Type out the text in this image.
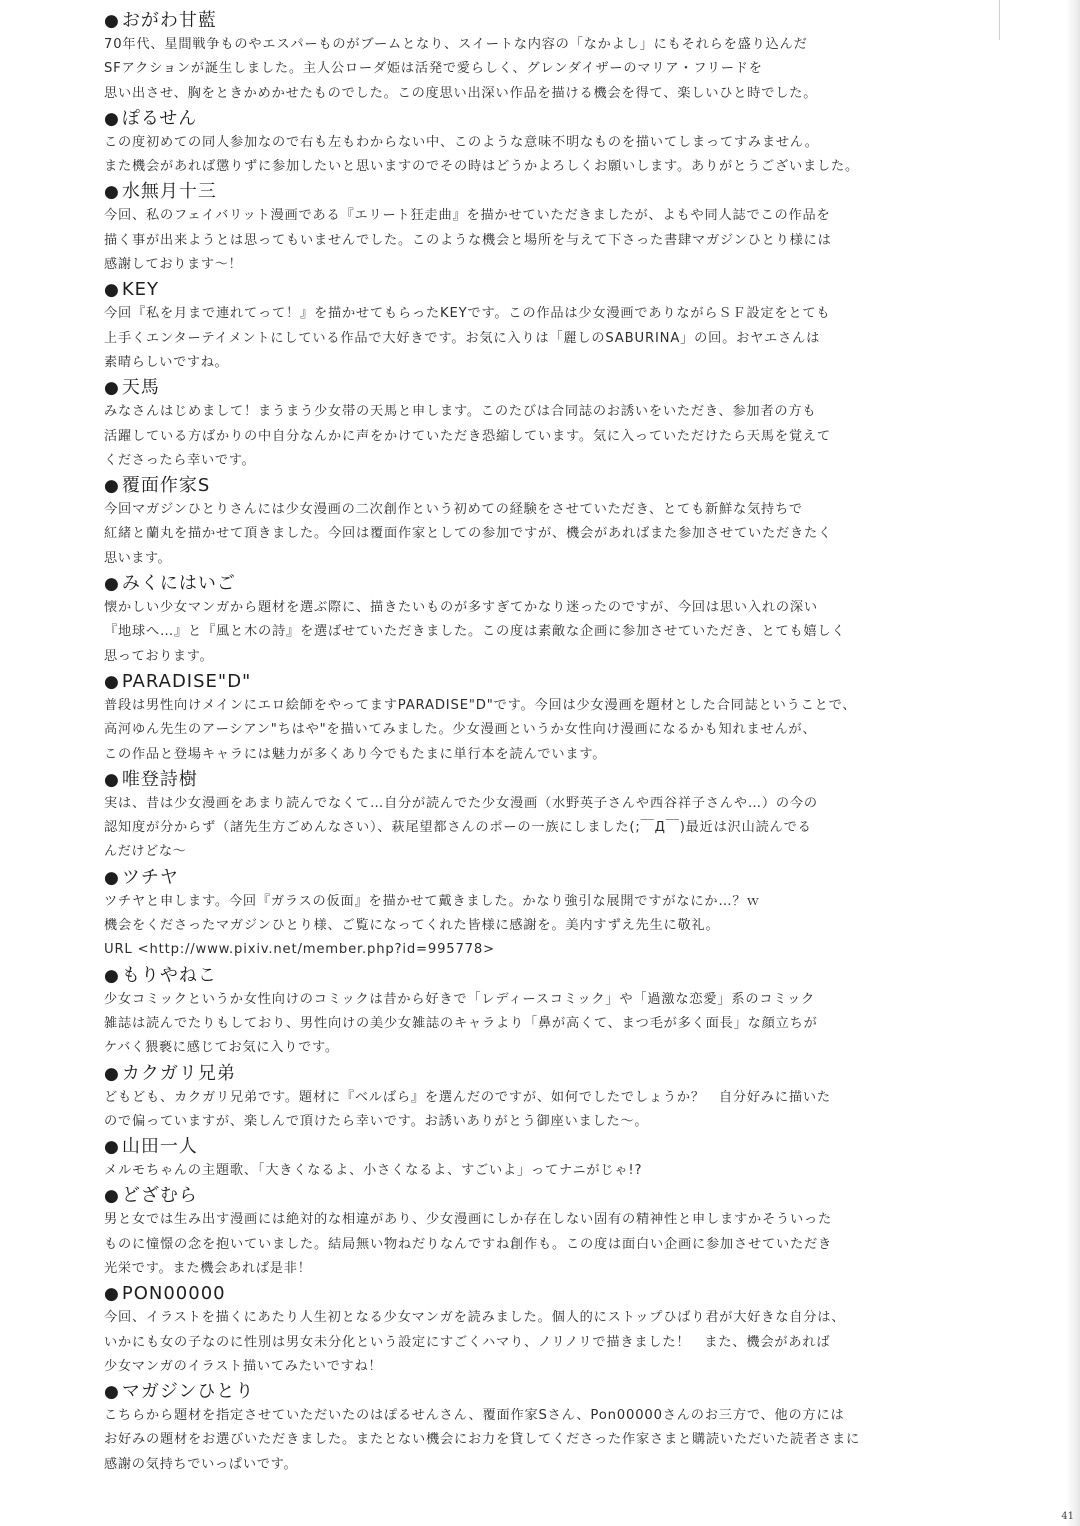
● おがわ甘藍
70年代、星間戦争ものやエスパーものがブームとなり、スイートな内容の「なかよし」にもそれらを盛り込んだ
SFアクションが誕生しました。主人公ローダ姫は活発で愛らしく、グレンダイザーのマリア・フリードを
思い出させ、胸をときかめかせたものでした。この度思い出深い作品を描ける機会を得て、楽しいひと時でした。
● ぽるせん
この度初めての同人参加なので右も左もわからない中、このような意味不明なものを描いてしまってすみません。
また機会があれば懲りずに参加したいと思いますのでその時はどうかよろしくお願いします。ありがとうございました。
● 水無月十三
今回、私のフェイバリット漫画である『エリート狂走曲』を描かせていただきましたが、よもや同人誌でこの作品を
描く事が出来ようとは思ってもいませんでした。このような機会と場所を与えて下さった書肆マガジンひとり様には
感謝しております～！
● KEY
今回『私を月まで連れてって！』を描かせてもらったKEYです。この作品は少女漫画でありながらＳＦ設定をとても
上手くエンターテイメントにしている作品で大好きです。お気に入りは「麗しのSABURINA」の回。おヤエさんは
素晴らしいですね。
● 天馬
みなさんはじめまして！まうまう少女帯の天馬と申します。このたびは合同誌のお誘いをいただき、参加者の方も
活躍している方ばかりの中自分なんかに声をかけていただき恐縮しています。気に入っていただけたら天馬を覚えて
くださったら幸いです。
● 覆面作家S
今回マガジンひとりさんには少女漫画の二次創作という初めての経験をさせていただき、とても新鮮な気持ちで
紅緒と蘭丸を描かせて頂きました。今回は覆面作家としての参加ですが、機会があればまた参加させていただきたく
思います。
● みくにはいご
懐かしい少女マンガから題材を選ぶ際に、描きたいものが多すぎてかなり迷ったのですが、今回は思い入れの深い
『地球へ…』と『風と木の詩』を選ばせていただきました。この度は素敵な企画に参加させていただき、とても嬉しく
思っております。
● PARADISE"D"
普段は男性向けメインにエロ絵師をやってますPARADISE"D"です。今回は少女漫画を題材とした合同誌ということで、
高河ゆん先生のアーシアン"ちはや"を描いてみました。少女漫画というか女性向け漫画になるかも知れませんが、
この作品と登場キャラには魅力が多くあり今でもたまに単行本を読んでいます。
● 唯登詩樹
実は、昔は少女漫画をあまり読んでなくて…自分が読んでた少女漫画（水野英子さんや西谷祥子さんや…）の今の
認知度が分からず（諸先生方ごめんなさい）、萩尾望都さんのポーの一族にしました(;￣Д￣)最近は沢山読んでる
んだけどな～
● ツチヤ
ツチヤと申します。今回『ガラスの仮面』を描かせて戴きました。かなり強引な展開ですがなにか…？ｗ
機会をくださったマガジンひとり様、ご覧になってくれた皆様に感謝を。美内すずえ先生に敬礼。
URL <http://www.pixiv.net/member.php?id=995778>
● もりやねこ
少女コミックというか女性向けのコミックは昔から好きで「レディースコミック」や「過激な恋愛」系のコミック
雑誌は読んでたりもしており、男性向けの美少女雑誌のキャラより「鼻が高くて、まつ毛が多く面長」な顔立ちが
ケバく猥褻に感じてお気に入りです。
● カクガリ兄弟
どもども、カクガリ兄弟です。題材に『ベルばら』を選んだのですが、如何でしたでしょうか？　自分好みに描いた
ので偏っていますが、楽しんで頂けたら幸いです。お誘いありがとう御座いました～。
● 山田一人
メルモちゃんの主題歌、「大きくなるよ、小さくなるよ、すごいよ」ってナニがじゃ!?
● どざむら
男と女では生み出す漫画には絶対的な相違があり、少女漫画にしか存在しない固有の精神性と申しますかそういった
ものに憧憬の念を抱いていました。結局無い物ねだりなんですね創作も。この度は面白い企画に参加させていただき
光栄です。また機会あれば是非！
● PON00000
今回、イラストを描くにあたり人生初となる少女マンガを読みました。個人的にストップひばり君が大好きな自分は、
いかにも女の子なのに性別は男女未分化という設定にすごくハマり、ノリノリで描きました！　また、機会があれば
少女マンガのイラスト描いてみたいですね！
● マガジンひとり
こちらから題材を指定させていただいたのはぽるせんさん、覆面作家Sさん、Pon00000さんのお三方で、他の方には
お好みの題材をお選びいただきました。またとない機会にお力を貸してくださった作家さまと購読いただいた読者さまに
感謝の気持ちでいっぱいです。
41
